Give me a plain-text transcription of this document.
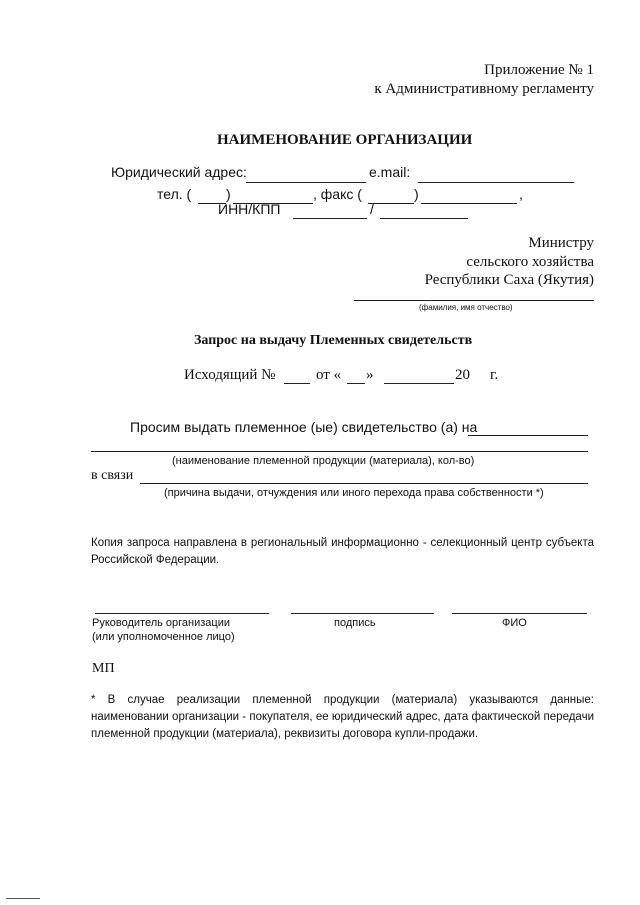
Приложение № 1
к Административному регламенту
НАИМЕНОВАНИЕ ОРГАНИЗАЦИИ
Юридический адрес:	e.mail:
тел. ( )	, факс (	)	,
ИНН/КПП	/
Министру
сельского хозяйства
Республики Саха (Якутия)
(фамилия, имя отчество)
Запрос на выдачу Племенных свидетельств
Исходящий №	от « »	20 г.
Просим выдать племенное (ые) свидетельство (а) на
(наименование племенной продукции (материала), кол-во)
в связи
(причина выдачи, отчуждения или иного перехода права собственности *)
Копия запроса направлена в региональный информационно - селекционный центр субъекта Российской Федерации.
Руководитель организации	подпись	ФИО
(или уполномоченное лицо)
МП
* В случае реализации племенной продукции (материала) указываются данные: наименовании организации - покупателя, ее юридический адрес, дата фактической передачи племенной продукции (материала), реквизиты договора купли-продажи.
